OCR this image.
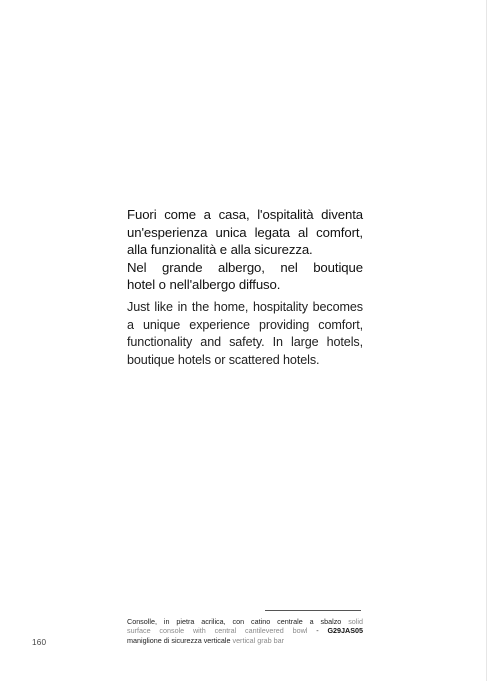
Fuori come a casa, l'ospitalità diventa
un'esperienza unica legata al comfort,
alla funzionalità e alla sicurezza.
Nel grande albergo, nel boutique
hotel o nell'albergo diffuso.

Just like in the home, hospitality becomes
a unique experience providing comfort,
functionality and safety. In large hotels,
boutique hotels or scattered hotels.

Consolle, in pietra acrilica, con catino centrale a sbalzo solid
surface console with central cantilevered bowl - G29JAS05
maniglione di sicurezza verticale vertical grab bar
160
